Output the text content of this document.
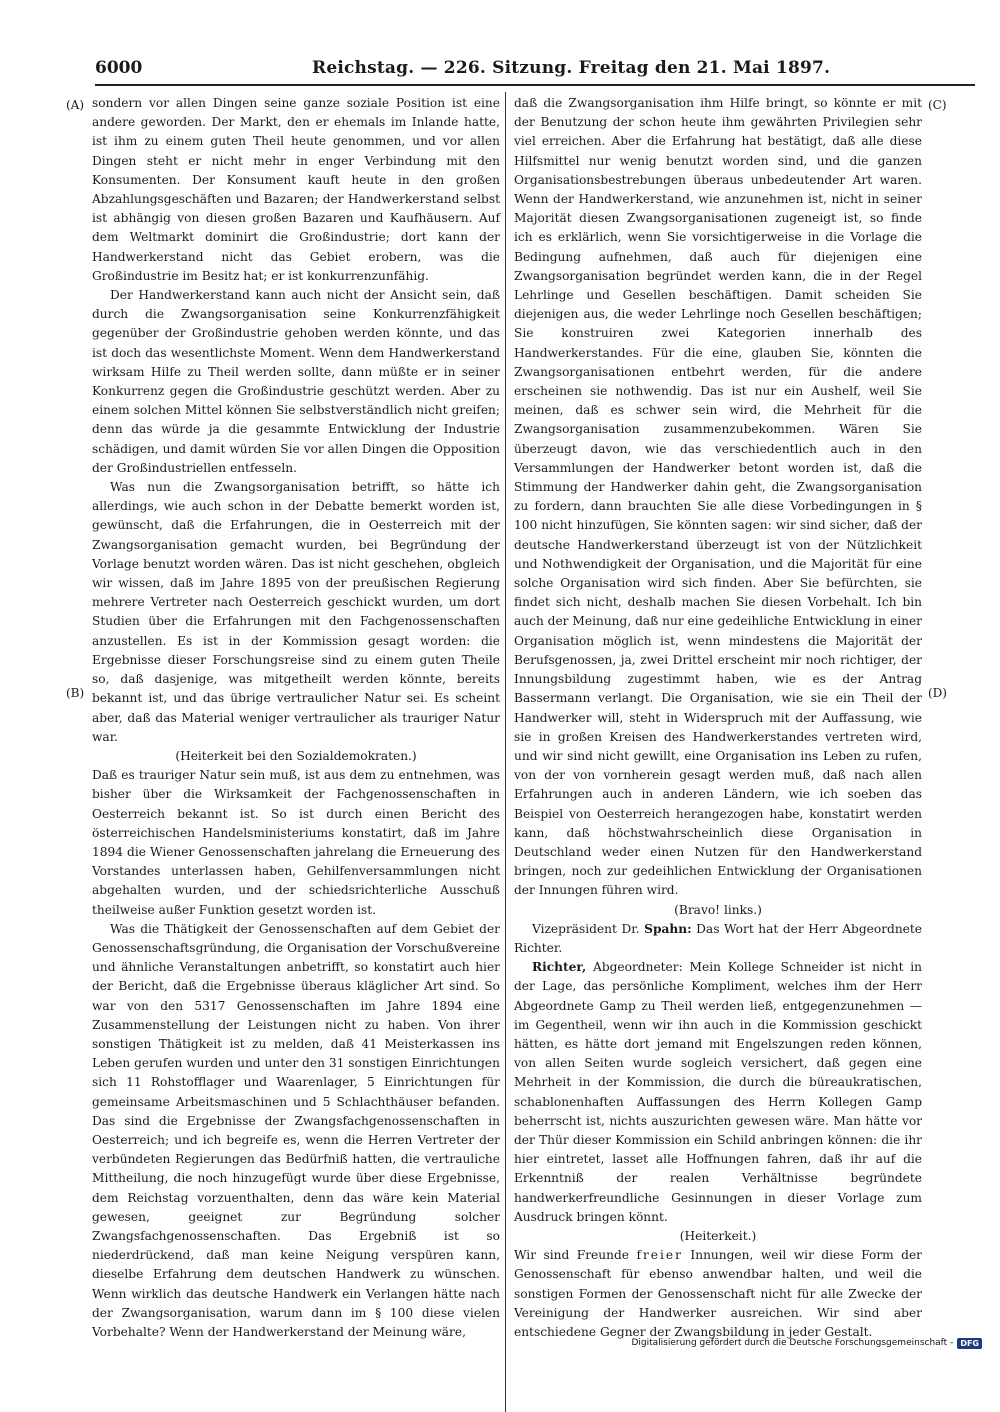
6000	Reichstag. — 226. Sitzung. Freitag den 21. Mai 1897.
(A)
(B)
(C)
(D)

sondern vor allen Dingen seine ganze soziale Position ist eine andere geworden. Der Markt, den er ehemals im Inlande hatte, ist ihm zu einem guten Theil heute genommen, und vor allen Dingen steht er nicht mehr in enger Verbindung mit den Konsumenten. Der Konsument kauft heute in den großen Abzahlungsgeschäften und Bazaren; der Handwerkerstand selbst ist abhängig von diesen großen Bazaren und Kaufhäusern. Auf dem Weltmarkt dominirt die Großindustrie; dort kann der Handwerkerstand nicht das Gebiet erobern, was die Großindustrie im Besitz hat; er ist konkurrenzunfähig.

Der Handwerkerstand kann auch nicht der Ansicht sein, daß durch die Zwangsorganisation seine Konkurrenzfähigkeit gegenüber der Großindustrie gehoben werden könnte, und das ist doch das wesentlichste Moment. Wenn dem Handwerkerstand wirksam Hilfe zu Theil werden sollte, dann müßte er in seiner Konkurrenz gegen die Großindustrie geschützt werden. Aber zu einem solchen Mittel können Sie selbstverständlich nicht greifen; denn das würde ja die gesammte Entwicklung der Industrie schädigen, und damit würden Sie vor allen Dingen die Opposition der Großindustriellen entfesseln.

Was nun die Zwangsorganisation betrifft, so hätte ich allerdings, wie auch schon in der Debatte bemerkt worden ist, gewünscht, daß die Erfahrungen, die in Oesterreich mit der Zwangsorganisation gemacht wurden, bei Begründung der Vorlage benutzt worden wären. Das ist nicht geschehen, obgleich wir wissen, daß im Jahre 1895 von der preußischen Regierung mehrere Vertreter nach Oesterreich geschickt wurden, um dort Studien über die Erfahrungen mit den Fachgenossenschaften anzustellen. Es ist in der Kommission gesagt worden: die Ergebnisse dieser Forschungsreise sind zu einem guten Theile so, daß dasjenige, was mitgetheilt werden könnte, bereits bekannt ist, und das übrige vertraulicher Natur sei. Es scheint aber, daß das Material weniger vertraulicher als trauriger Natur war.

(Heiterkeit bei den Sozialdemokraten.)

Daß es trauriger Natur sein muß, ist aus dem zu entnehmen, was bisher über die Wirksamkeit der Fachgenossenschaften in Oesterreich bekannt ist. So ist durch einen Bericht des österreichischen Handelsministeriums konstatirt, daß im Jahre 1894 die Wiener Genossenschaften jahrelang die Erneuerung des Vorstandes unterlassen haben, Gehilfenversammlungen nicht abgehalten wurden, und der schiedsrichterliche Ausschuß theilweise außer Funktion gesetzt worden ist.

Was die Thätigkeit der Genossenschaften auf dem Gebiet der Genossenschaftsgründung, die Organisation der Vorschußvereine und ähnliche Veranstaltungen anbetrifft, so konstatirt auch hier der Bericht, daß die Ergebnisse überaus kläglicher Art sind. So war von den 5317 Genossenschaften im Jahre 1894 eine Zusammenstellung der Leistungen nicht zu haben. Von ihrer sonstigen Thätigkeit ist zu melden, daß 41 Meisterkassen ins Leben gerufen wurden und unter den 31 sonstigen Einrichtungen sich 11 Rohstofflager und Waarenlager, 5 Einrichtungen für gemeinsame Arbeitsmaschinen und 5 Schlachthäuser befanden. Das sind die Ergebnisse der Zwangsfachgenossenschaften in Oesterreich; und ich begreife es, wenn die Herren Vertreter der verbündeten Regierungen das Bedürfniß hatten, die vertrauliche Mittheilung, die noch hinzugefügt wurde über diese Ergebnisse, dem Reichstag vorzuenthalten, denn das wäre kein Material gewesen, geeignet zur Begründung solcher Zwangsfachgenossenschaften. Das Ergebniß ist so niederdrückend, daß man keine Neigung verspüren kann, dieselbe Erfahrung dem deutschen Handwerk zu wünschen. Wenn wirklich das deutsche Handwerk ein Verlangen hätte nach der Zwangsorganisation, warum dann im § 100 diese vielen Vorbehalte? Wenn der Handwerkerstand der Meinung wäre,

daß die Zwangsorganisation ihm Hilfe bringt, so könnte er mit der Benutzung der schon heute ihm gewährten Privilegien sehr viel erreichen. Aber die Erfahrung hat bestätigt, daß alle diese Hilfsmittel nur wenig benutzt worden sind, und die ganzen Organisationsbestrebungen überaus unbedeutender Art waren. Wenn der Handwerkerstand, wie anzunehmen ist, nicht in seiner Majorität diesen Zwangsorganisationen zugeneigt ist, so finde ich es erklärlich, wenn Sie vorsichtigerweise in die Vorlage die Bedingung aufnehmen, daß auch für diejenigen eine Zwangsorganisation begründet werden kann, die in der Regel Lehrlinge und Gesellen beschäftigen. Damit scheiden Sie diejenigen aus, die weder Lehrlinge noch Gesellen beschäftigen; Sie konstruiren zwei Kategorien innerhalb des Handwerkerstandes. Für die eine, glauben Sie, könnten die Zwangsorganisationen entbehrt werden, für die andere erscheinen sie nothwendig. Das ist nur ein Aushelf, weil Sie meinen, daß es schwer sein wird, die Mehrheit für die Zwangsorganisation zusammenzubekommen. Wären Sie überzeugt davon, wie das verschiedentlich auch in den Versammlungen der Handwerker betont worden ist, daß die Stimmung der Handwerker dahin geht, die Zwangsorganisation zu fordern, dann brauchten Sie alle diese Vorbedingungen in § 100 nicht hinzufügen, Sie könnten sagen: wir sind sicher, daß der deutsche Handwerkerstand überzeugt ist von der Nützlichkeit und Nothwendigkeit der Organisation, und die Majorität für eine solche Organisation wird sich finden. Aber Sie befürchten, sie findet sich nicht, deshalb machen Sie diesen Vorbehalt. Ich bin auch der Meinung, daß nur eine gedeihliche Entwicklung in einer Organisation möglich ist, wenn mindestens die Majorität der Berufsgenossen, ja, zwei Drittel erscheint mir noch richtiger, der Innungsbildung zugestimmt haben, wie es der Antrag Bassermann verlangt. Die Organisation, wie sie ein Theil der Handwerker will, steht in Widerspruch mit der Auffassung, wie sie in großen Kreisen des Handwerkerstandes vertreten wird, und wir sind nicht gewillt, eine Organisation ins Leben zu rufen, von der von vornherein gesagt werden muß, daß nach allen Erfahrungen auch in anderen Ländern, wie ich soeben das Beispiel von Oesterreich herangezogen habe, konstatirt werden kann, daß höchstwahrscheinlich diese Organisation in Deutschland weder einen Nutzen für den Handwerkerstand bringen, noch zur gedeihlichen Entwicklung der Organisationen der Innungen führen wird.

(Bravo! links.)

Vizepräsident Dr. Spahn: Das Wort hat der Herr Abgeordnete Richter.

Richter, Abgeordneter: Mein Kollege Schneider ist nicht in der Lage, das persönliche Kompliment, welches ihm der Herr Abgeordnete Gamp zu Theil werden ließ, entgegenzunehmen — im Gegentheil, wenn wir ihn auch in die Kommission geschickt hätten, es hätte dort jemand mit Engelszungen reden können, von allen Seiten wurde sogleich versichert, daß gegen eine Mehrheit in der Kommission, die durch die büreaukratischen, schablonenhaften Auffassungen des Herrn Kollegen Gamp beherrscht ist, nichts auszurichten gewesen wäre. Man hätte vor der Thür dieser Kommission ein Schild anbringen können: die ihr hier eintretet, lasset alle Hoffnungen fahren, daß ihr auf die Erkenntniß der realen Verhältnisse begründete handwerkerfreundliche Gesinnungen in dieser Vorlage zum Ausdruck bringen könnt.

(Heiterkeit.)

Wir sind Freunde freier Innungen, weil wir diese Form der Genossenschaft für ebenso anwendbar halten, und weil die sonstigen Formen der Genossenschaft nicht für alle Zwecke der Vereinigung der Handwerker ausreichen. Wir sind aber entschiedene Gegner der Zwangsbildung in jeder Gestalt.

Digitalisierung gefördert durch die Deutsche Forschungsgemeinschaft - DFG
